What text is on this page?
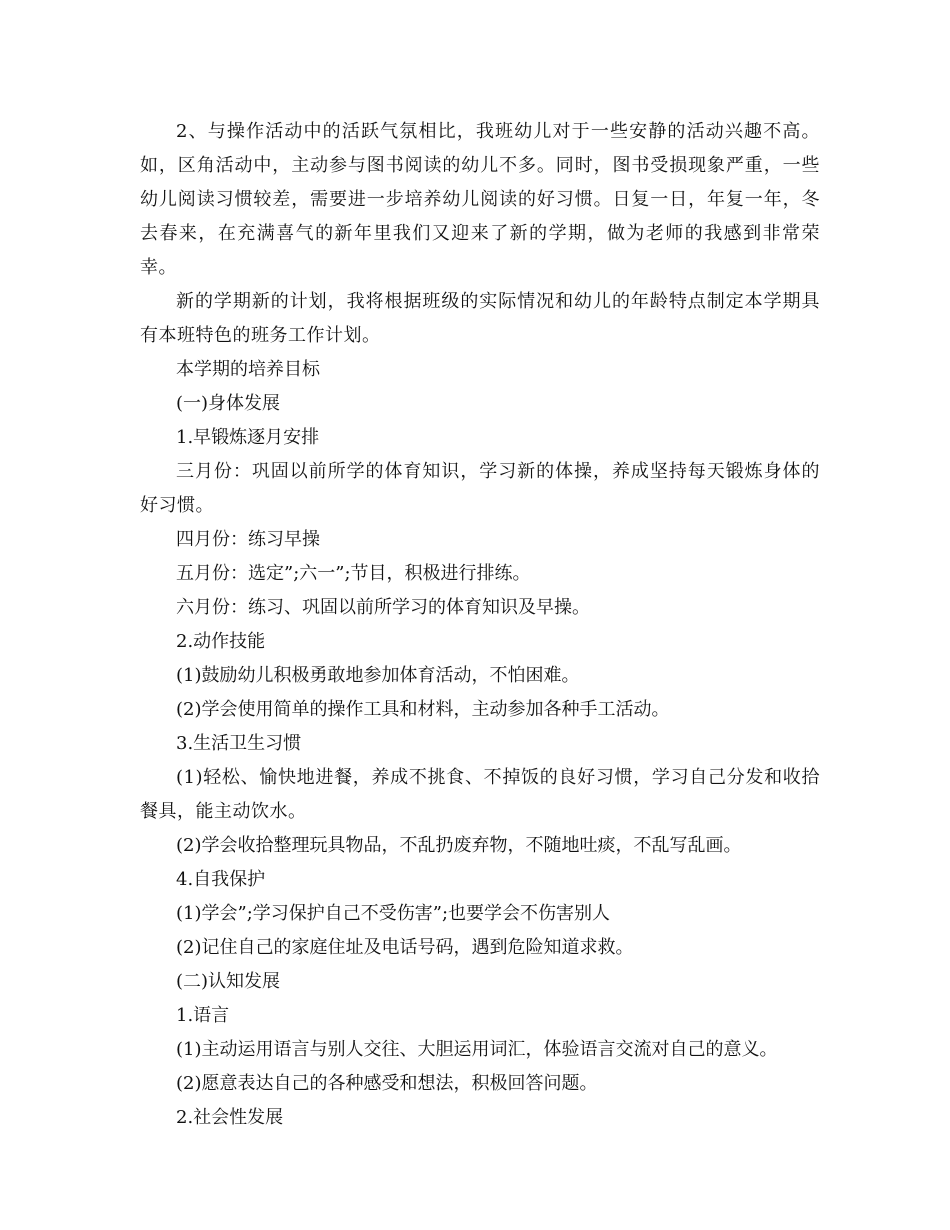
2、与操作活动中的活跃气氛相比，我班幼儿对于一些安静的活动兴趣不高。如，区角活动中，主动参与图书阅读的幼儿不多。同时，图书受损现象严重，一些幼儿阅读习惯较差，需要进一步培养幼儿阅读的好习惯。日复一日，年复一年，冬去春来，在充满喜气的新年里我们又迎来了新的学期，做为老师的我感到非常荣幸。

新的学期新的计划，我将根据班级的实际情况和幼儿的年龄特点制定本学期具有本班特色的班务工作计划。

本学期的培养目标

(一)身体发展

1.早锻炼逐月安排

三月份：巩固以前所学的体育知识，学习新的体操，养成坚持每天锻炼身体的好习惯。

四月份：练习早操

五月份：选定”;六一”;节目，积极进行排练。

六月份：练习、巩固以前所学习的体育知识及早操。

2.动作技能

(1)鼓励幼儿积极勇敢地参加体育活动，不怕困难。

(2)学会使用简单的操作工具和材料，主动参加各种手工活动。

3.生活卫生习惯

(1)轻松、愉快地进餐，养成不挑食、不掉饭的良好习惯，学习自己分发和收拾餐具，能主动饮水。

(2)学会收拾整理玩具物品，不乱扔废弃物，不随地吐痰，不乱写乱画。

4.自我保护

(1)学会”;学习保护自己不受伤害”;也要学会不伤害别人

(2)记住自己的家庭住址及电话号码，遇到危险知道求救。

(二)认知发展

1.语言

(1)主动运用语言与别人交往、大胆运用词汇，体验语言交流对自己的意义。

(2)愿意表达自己的各种感受和想法，积极回答问题。

2.社会性发展
